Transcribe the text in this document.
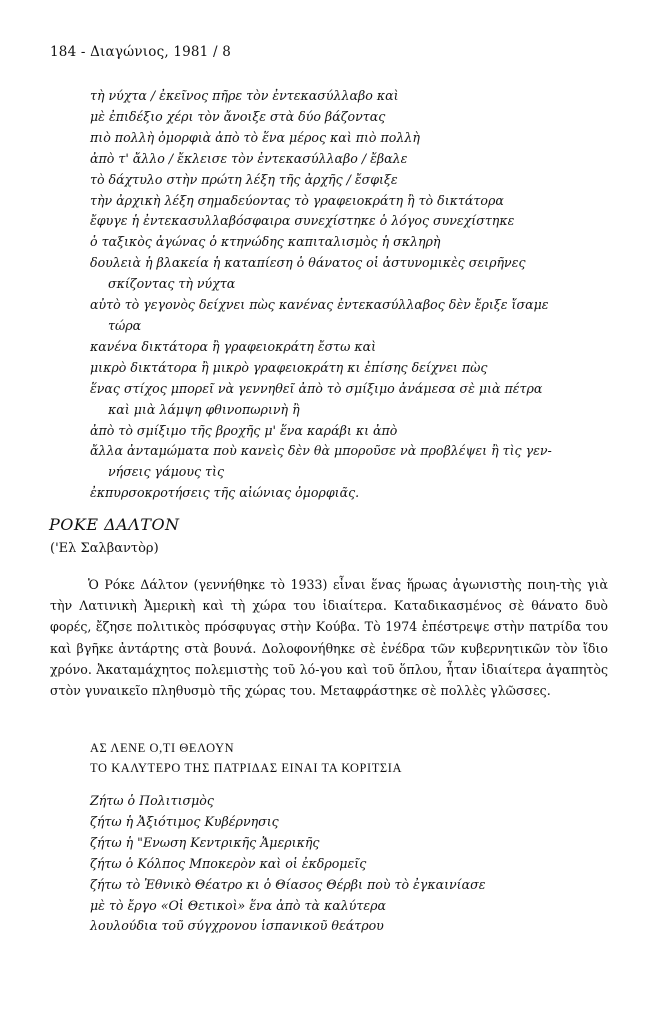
184 - Διαγώνιος, 1981 / 8
τὴ νύχτα / ἐκεῖνος πῆρε τὸν ἐντεκασύλλαβο καὶ
μὲ ἐπιδέξιο χέρι τὸν ἄνοιξε στὰ δύο βάζοντας
πιὸ πολλὴ ὀμορφιὰ ἀπὸ τὸ ἕνα μέρος καὶ πιὸ πολλὴ
ἀπὸ τ' ἄλλο / ἔκλεισε τὸν ἐντεκασύλλαβο / ἔβαλε
τὸ δάχτυλο στὴν πρώτη λέξη τῆς ἀρχῆς / ἔσφιξε
τὴν ἀρχικὴ λέξη σημαδεύοντας τὸ γραφειοκράτη ἢ τὸ δικτάτορα
ἔφυγε ἡ ἐντεκασυλλαβόσφαιρα συνεχίστηκε ὁ λόγος συνεχίστηκε
ὁ ταξικὸς ἀγώνας ὁ κτηνώδης καπιταλισμὸς ἡ σκληρὴ
δουλειὰ ἡ βλακεία ἡ καταπίεση ὁ θάνατος οἱ ἀστυνομικὲς σειρῆνες
σκίζοντας τὴ νύχτα
αὐτὸ τὸ γεγονὸς δείχνει πὼς κανένας ἐντεκασύλλαβος δὲν ἔριξε ἴσαμε
τώρα
κανένα δικτάτορα ἢ γραφειοκράτη ἔστω καὶ
μικρὸ δικτάτορα ἢ μικρὸ γραφειοκράτη κι ἐπίσης δείχνει πὼς
ἕνας στίχος μπορεῖ νὰ γεννηθεῖ ἀπὸ τὸ σμίξιμο ἀνάμεσα σὲ μιὰ πέτρα
καὶ μιὰ λάμψη φθινοπωρινὴ ἢ
ἀπὸ τὸ σμίξιμο τῆς βροχῆς μ' ἕνα καράβι κι ἀπὸ
ἄλλα ἀνταμώματα ποὺ κανεὶς δὲν θὰ μποροῦσε νὰ προβλέψει ἢ τὶς γεν-
νήσεις γάμους τὶς
ἐκπυρσοκροτήσεις τῆς αἰώνιας ὀμορφιᾶς.
ΡΟΚΕ ΔΑΛΤΟΝ
('Ελ Σαλβαντὸρ)

Ὁ Ρόκε Δάλτον (γεννήθηκε τὸ 1933) εἶναι ἕνας ἥρωας ἀγωνιστὴς ποιη-τὴς γιὰ τὴν Λατινικὴ Ἀμερικὴ καὶ τὴ χώρα του ἰδιαίτερα. Καταδικασμένος σὲ θάνατο δυὸ φορές, ἔζησε πολιτικὸς πρόσφυγας στὴν Κούβα. Τὸ 1974 ἐπέστρεψε στὴν πατρίδα του καὶ βγῆκε ἀντάρτης στὰ βουνά. Δολοφονήθηκε σὲ ἐνέδρα τῶν κυβερνητικῶν τὸν ἴδιο χρόνο. Ἀκαταμάχητος πολεμιστὴς τοῦ λό-γου καὶ τοῦ ὅπλου, ἦταν ἰδιαίτερα ἀγαπητὸς στὸν γυναικεῖο πληθυσμὸ τῆς χώρας του. Μεταφράστηκε σὲ πολλὲς γλῶσσες.

ΑΣ ΛΕΝΕ Ο,ΤΙ ΘΕΛΟΥΝ
ΤΟ ΚΑΛΥΤΕΡΟ ΤΗΣ ΠΑΤΡΙΔΑΣ ΕΙΝΑΙ ΤΑ ΚΟΡΙΤΣΙΑ
Ζήτω ὁ Πολιτισμὸς
ζήτω ἡ Ἀξιότιμος Κυβέρνησις
ζήτω ἡ "Ενωση Κεντρικῆς Ἀμερικῆς
ζήτω ὁ Κόλπος Μποκερὸν καὶ οἱ ἐκδρομεῖς
ζήτω τὸ Ἐθνικὸ Θέατρο κι ὁ Θίασος Θέρβι ποὺ τὸ ἐγκαινίασε
μὲ τὸ ἔργο «Οἱ Θετικοὶ» ἕνα ἀπὸ τὰ καλύτερα
λουλούδια τοῦ σύγχρονου ἱσπανικοῦ θεάτρου
